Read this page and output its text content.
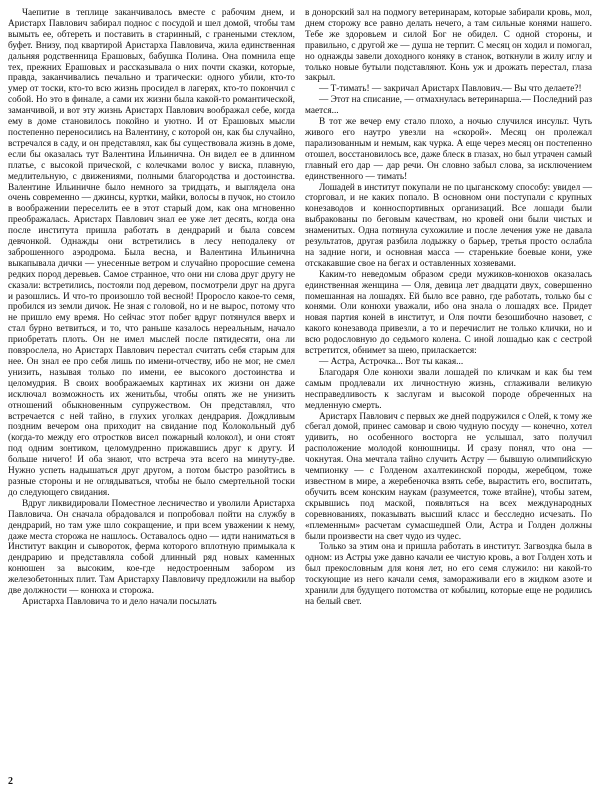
Чаепитие в теплице заканчивалось вместе с рабочим днем, и Аристарх Павлович забирал поднос с посудой и шел домой, чтобы там вымыть ее, обтереть и поставить в старинный, с гранеными стеклом, буфет. Внизу, под квартирой Аристарха Павловича, жила единственная дальняя родственница Ерашовых, бабушка Полина. Она помнила еще тех, прежних Ерашовых и рассказывала о них почти сказки, которые, правда, заканчивались печально и трагически: одного убили, кто-то умер от тоски, кто-то всю жизнь просидел в лагерях, кто-то покончил с собой. Но это в финале, а сами их жизни была какой-то романтической, заманчивой, и вот эту жизнь Аристарх Павлович воображал себе, когда ему в доме становилось покойно и уютно. И от Ерашовых мысли постепенно переносились на Валентину, с которой он, как бы случайно, встречался в саду, и он представлял, как бы существовала жизнь в доме, если бы оказалась тут Валентина Ильинична. Он видел ее в длинном платье, с высокой прической, с колечками волос у виска, плавную, медлительную, с движениями, полными благородства и достоинства. Валентине Ильиничне было немного за тридцать, и выглядела она очень современно — джинсы, куртки, майки, волосы в пучок, но стоило в воображении переселить ее в этот старый дом, как она мгновенно преображалась. Аристарх Павлович знал ее уже лет десять, когда она после института пришла работать в дендрарий и была совсем девчонкой. Однажды они встретились в лесу неподалеку от заброшенного аэродрома. Была весна, и Валентина Ильинична выкапывала дички — унесенные ветром и случайно проросшие семена редких пород деревьев. Самое странное, что они ни слова друг другу не сказали: встретились, постояли под деревом, посмотрели друг на друга и разошлись. И что-то произошло той весной! Проросло какое-то семя, пробился из земли дичок. Не зная с головой, но и не вырос, потому что не пришло ему время. Но сейчас этот побег вдруг потянулся вверх и стал бурно ветвиться, и то, что раньше казалось нереальным, начало приобретать плоть. Он не имел мыслей после пятидесяти, она ли повзрослела, но Аристарх Павлович перестал считать себя старым для нее. Он знал ее про себя лишь по имени-отчеству, ибо не мог, не смел унизить, называя только по имени, ее высокого достоинства и целомудрия. В своих воображаемых картинах их жизни он даже исключал возможность их женитьбы, чтобы опять же не унизить отношений обыкновенным супружеством. Он представлял, что встречается с ней тайно, в глухих уголках дендрария. Дождливым поздним вечером она приходит на свидание под Колокольный дуб (когда-то между его отростков висел пожарный колокол), и они стоят под одним зонтиком, целомудренно прижавшись друг к другу. И больше ничего! И оба знают, что встреча эта всего на минуту-две. Нужно успеть надышаться друг другом, а потом быстро разойтись в разные стороны и не оглядываться, чтобы не было смертельной тоски до следующего свидания.

Вдруг ликвидировали Поместное лесничество и уволили Аристарха Павловича. Он сначала обрадовался и попробовал пойти на службу в дендрарий, но там уже шло сокращение, и при всем уважении к нему, даже места сторожа не нашлось. Оставалось одно — идти наниматься в Институт вакцин и сывороток, ферма которого вплотную примыкала к дендрарию и представляла собой длинный ряд новых каменных конюшен за высоким, кое-где недостроенным забором из железобетонных плит. Там Аристарху Павловичу предложили на выбор две должности — конюха и сторожа.

Аристарха Павловича то и дело начали посылать

в донорский зал на подмогу ветеринарам, которые забирали кровь, мол, днем сторожу все равно делать нечего, а там сильные конями нашего. Тебе же здоровьем и силой Бог не обидел. С одной стороны, и правильно, с другой же — душа не терпит. С месяц он ходил и помогал, но однажды завели доходного коняку в станок, воткнули в жилу иглу и только новые бутыли подставляют. Конь уж и дрожать перестал, глаза закрыл.

— Т-тимать! — закричал Аристарх Павлович.— Вы что делаете?!

— Этот на списание, — отмахнулась ветеринарша.— Последний раз мается...

В тот же вечер ему стало плохо, а ночью случился инсульт. Чуть живого его наутро увезли на «скорой». Месяц он пролежал парализованным и немым, как чурка. А еще через месяц он постепенно отошел, восстановилось все, даже блеск в глазах, но был утрачен самый главный его дар — дар речи. Он словно забыл слова, за исключением единственного — тимать!

Лошадей в институт покупали не по цыганскому способу: увидел — сторговал, и не каких попало. В основном они поступали с крупных конезаводов и конноспортивных организаций. Все лошади были выбракованы по беговым качествам, но кровей они были чистых и знаменитых. Одна потянула сухожилие и после лечения уже не давала результатов, другая разбила лодыжку о барьер, третья просто ослабла на задние ноги, и основная масса — старенькие боевые кони, уже отскакавшие свое на бегах и оставленных хозяевами.

Каким-то неведомым образом среди мужиков-конюхов оказалась единственная женщина — Оля, девица лет двадцати двух, совершенно помешанная на лошадях. Ей было все равно, где работать, только бы с конями. Оли конюхи уважали, ибо она знала о лошадях все. Придет новая партия коней в институт, и Оля почти безошибочно назовет, с какого конезавода привезли, а то и перечислит не только клички, но и всю родословную до седьмого колена. С иной лошадью как с сестрой встретится, обнимет за шею, приласкается:

— Астра, Астрочка... Вот ты какая...

Благодаря Оле конюхи звали лошадей по кличкам и как бы тем самым продлевали их личностную жизнь, сглаживали великую несправедливость к заслугам и высокой породе обреченных на медленную смерть.

Аристарх Павлович с первых же дней подружился с Олей, к тому же сбегал домой, принес самовар и свою чудную посуду — конечно, хотел удивить, но особенного восторга не услышал, зато получил расположение молодой конюшницы. И сразу понял, что она — чокнутая. Она мечтала тайно случить Астру — бывшую олимпийскую чемпионку — с Голденом ахалтекинской породы, жеребцом, тоже известном в мире, а жеребеночка взять себе, вырастить его, воспитать, обучить всем конским наукам (разумеется, тоже втайне), чтобы затем, скрывшись под маской, появляться на всех международных соревнованиях, показывать высший класс и бесследно исчезать. По «племенным» расчетам сумасшедшей Оли, Астра и Голден должны были произвести на свет чудо из чудес.

Только за этим она и пришла работать в институт. Загвоздка была в одном: из Астры уже давно качали ее чистую кровь, а вот Голден хоть и был прекословным для коня лет, но его семя служило: ни какой-то тоскующие из него качали семя, замораживали его в жидком азоте и хранили для будущего потомства от кобылиц, которые еще не родились на белый свет.

2
